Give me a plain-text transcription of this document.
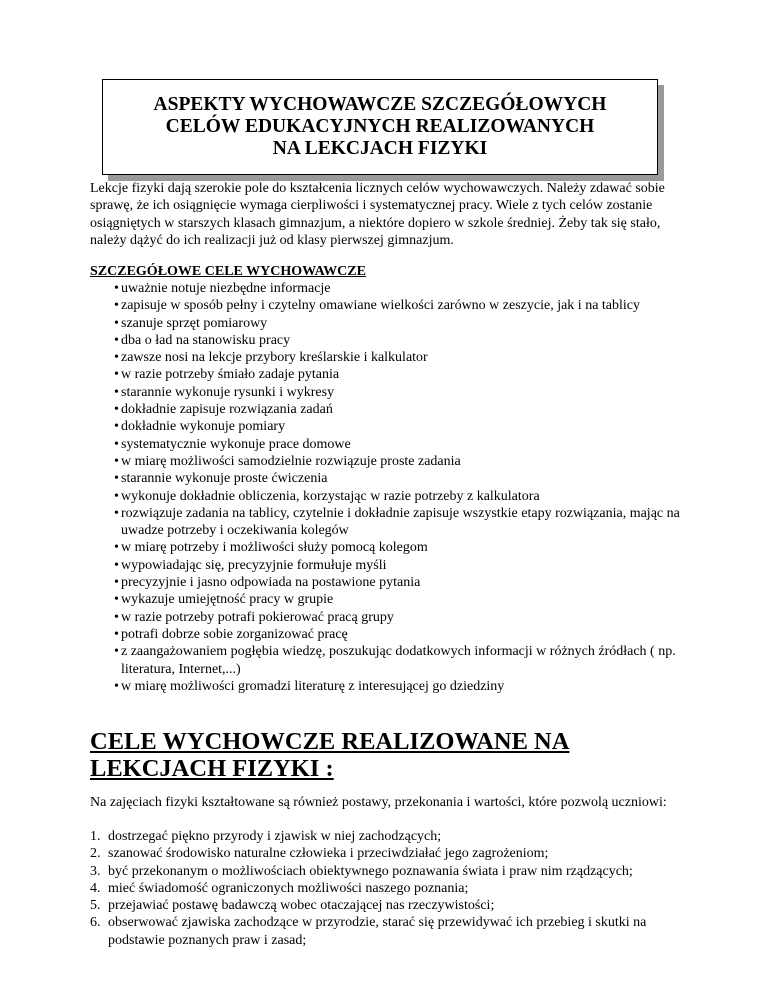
ASPEKTY WYCHOWAWCZE SZCZEGÓŁOWYCH
CELÓW EDUKACYJNYCH REALIZOWANYCH
NA LEKCJACH FIZYKI
Lekcje fizyki dają szerokie pole do kształcenia licznych celów wychowawczych. Należy zdawać sobie sprawę, że ich osiągnięcie wymaga cierpliwości i systematycznej pracy. Wiele z tych celów zostanie osiągniętych w starszych klasach gimnazjum, a niektóre dopiero w szkole średniej. Żeby tak się stało, należy dążyć do ich realizacji już od klasy pierwszej gimnazjum.
SZCZEGÓŁOWE CELE WYCHOWAWCZE
• uważnie notuje niezbędne informacje
• zapisuje w sposób pełny i czytelny omawiane wielkości zarówno w zeszycie, jak i na tablicy
• szanuje sprzęt pomiarowy
• dba o ład na stanowisku pracy
• zawsze nosi na lekcje przybory kreślarskie i kalkulator
• w razie potrzeby śmiało zadaje pytania
• starannie wykonuje rysunki i wykresy
• dokładnie zapisuje rozwiązania zadań
• dokładnie wykonuje pomiary
• systematycznie wykonuje prace domowe
• w miarę możliwości samodzielnie rozwiązuje proste zadania
• starannie wykonuje proste ćwiczenia
• wykonuje dokładnie obliczenia, korzystając w razie potrzeby z kalkulatora
• rozwiązuje zadania na tablicy, czytelnie i dokładnie zapisuje wszystkie etapy rozwiązania, mając na uwadze potrzeby i oczekiwania kolegów
• w miarę potrzeby i możliwości służy pomocą kolegom
• wypowiadając się, precyzyjnie formułuje myśli
• precyzyjnie i jasno odpowiada na postawione pytania
• wykazuje umiejętność pracy w grupie
• w razie potrzeby potrafi pokierować pracą grupy
• potrafi dobrze sobie zorganizować pracę
• z zaangażowaniem pogłębia wiedzę, poszukując dodatkowych informacji w różnych źródłach ( np. literatura, Internet,...)
• w miarę możliwości gromadzi literaturę z interesującej go dziedziny
CELE WYCHOWCZE REALIZOWANE NA
LEKCJACH FIZYKI :
Na zajęciach fizyki kształtowane są również postawy, przekonania i wartości, które pozwolą uczniowi:
1. dostrzegać piękno przyrody i zjawisk w niej zachodzących;
2. szanować środowisko naturalne człowieka i przeciwdziałać jego zagrożeniom;
3. być przekonanym o możliwościach obiektywnego poznawania świata i praw nim rządzących;
4. mieć świadomość ograniczonych możliwości naszego poznania;
5. przejawiać postawę badawczą wobec otaczającej nas rzeczywistości;
6. obserwować zjawiska zachodzące w przyrodzie, starać się przewidywać ich przebieg i skutki na podstawie poznanych praw i zasad;
